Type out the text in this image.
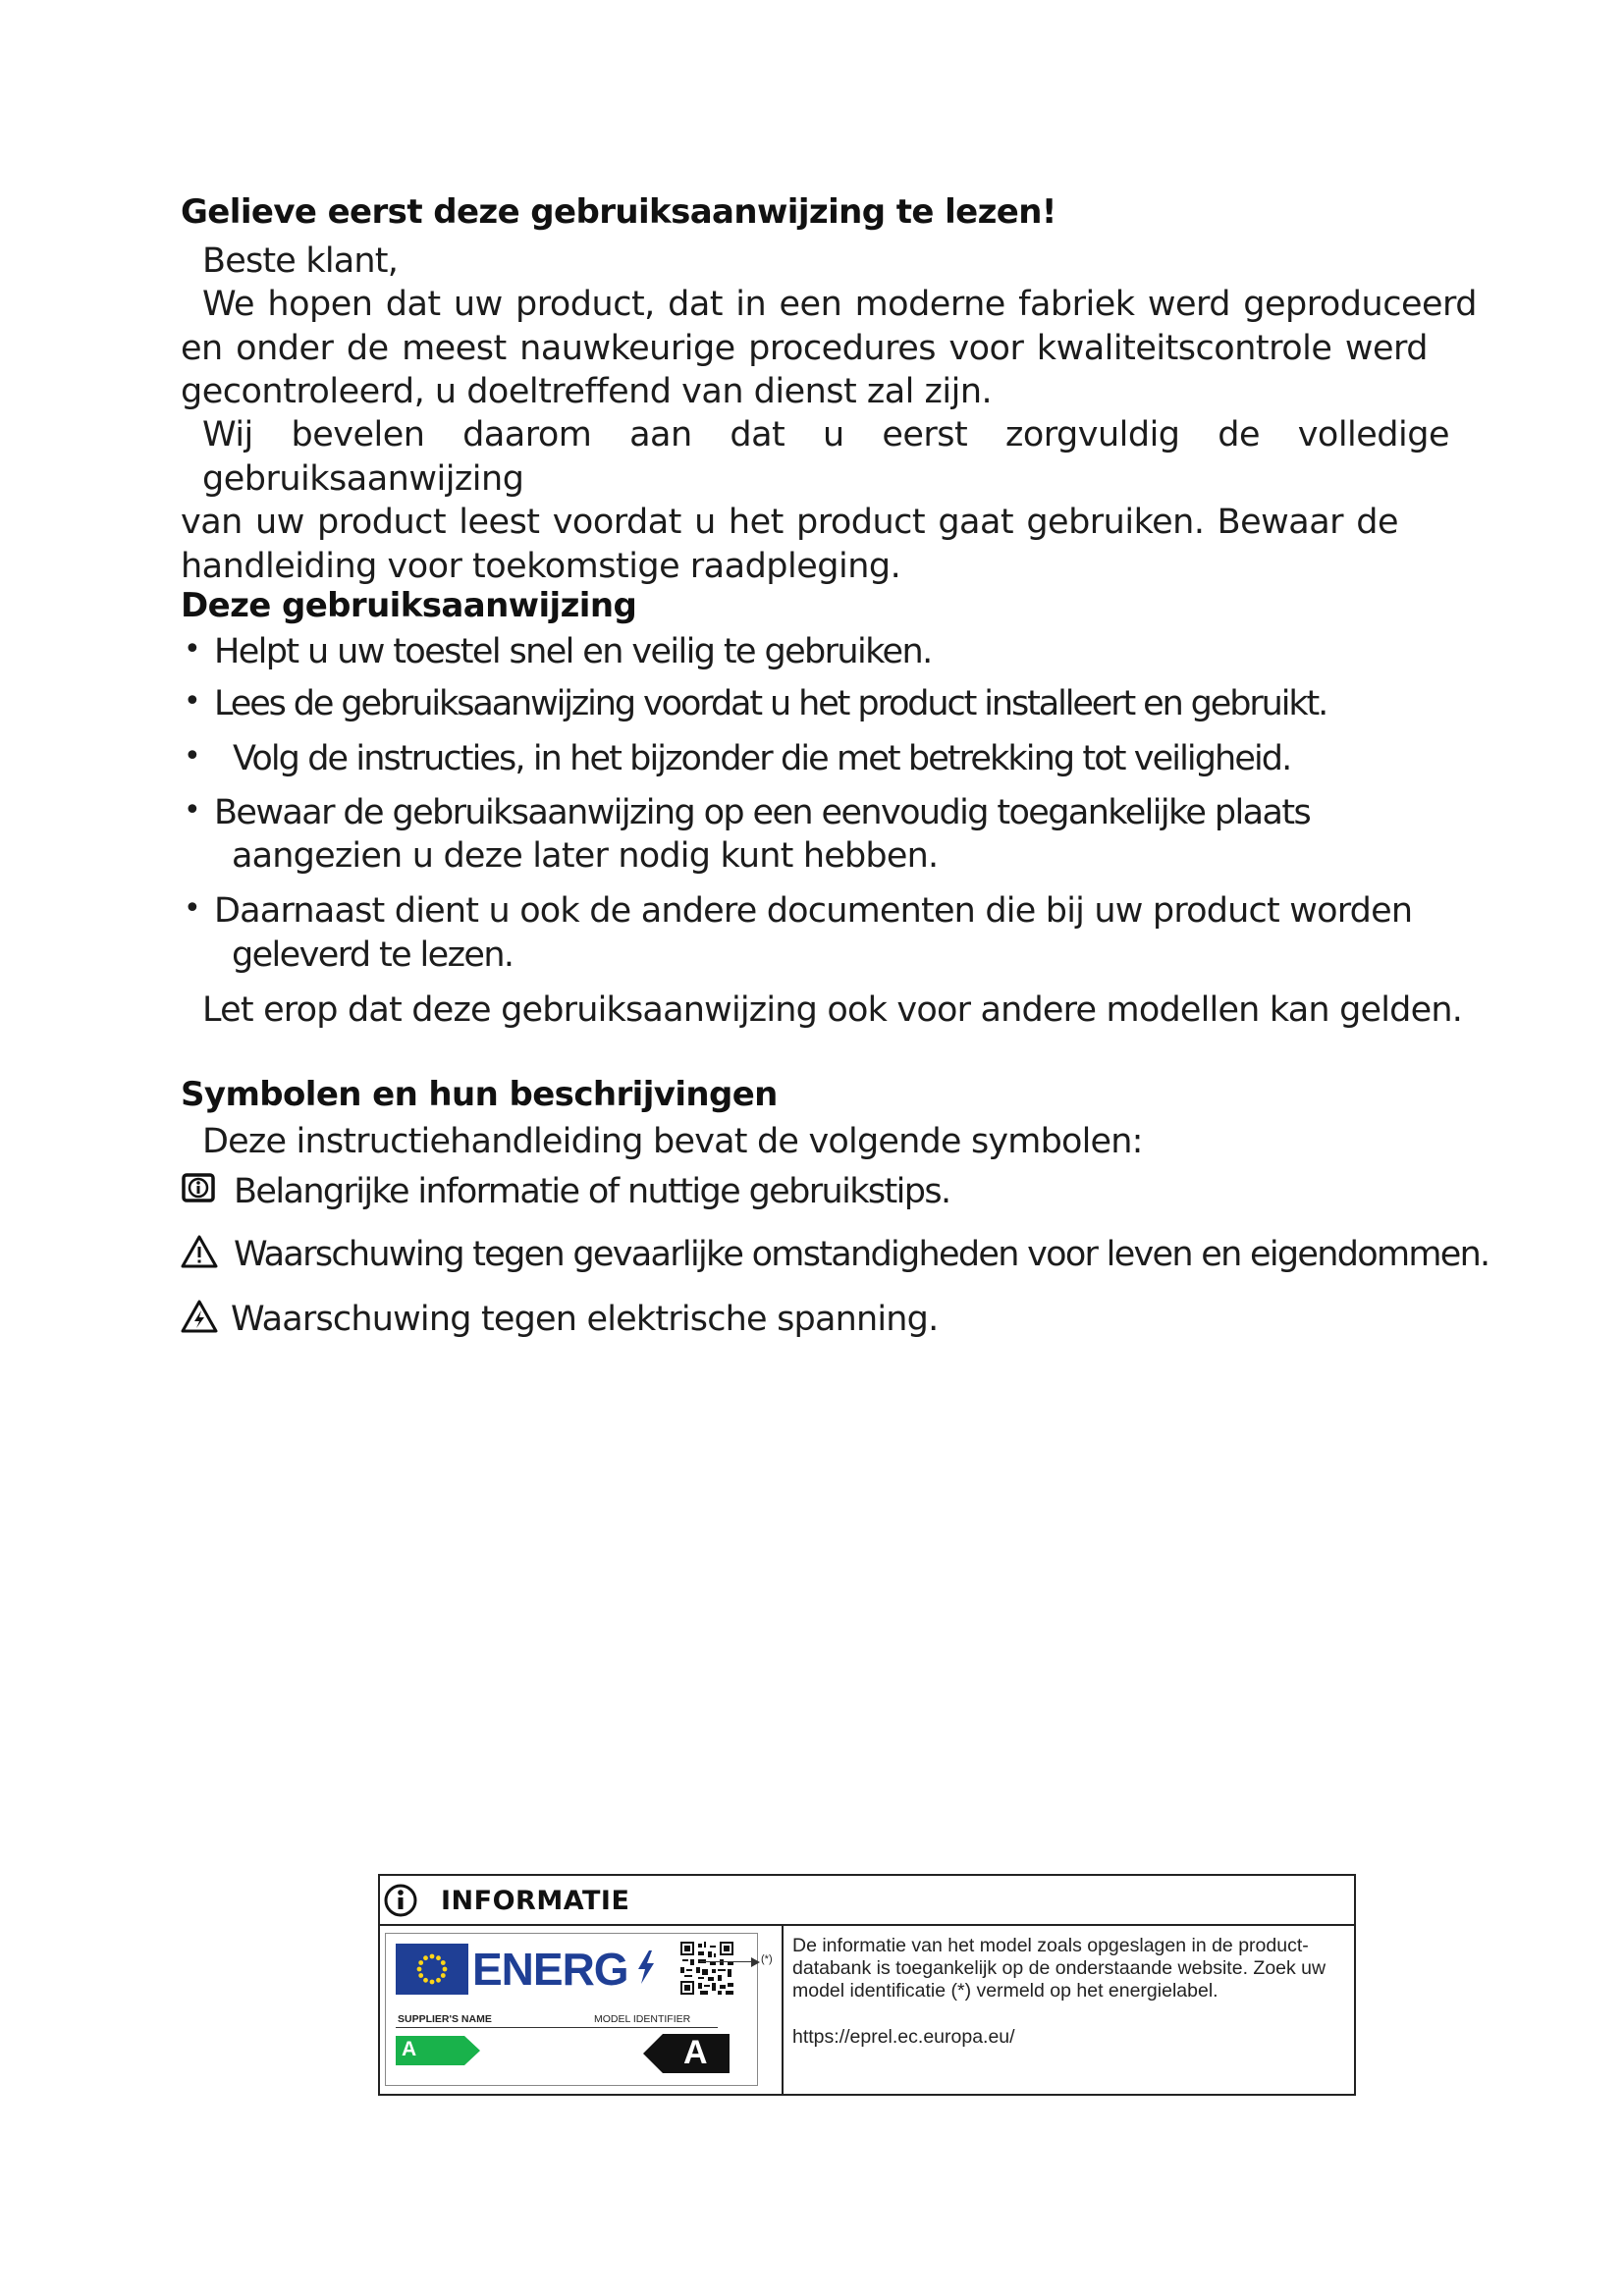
Gelieve eerst deze gebruiksaanwijzing te lezen!
Beste klant,
We hopen dat uw product, dat in een moderne fabriek werd geproduceerd
en onder de meest nauwkeurige procedures voor kwaliteitscontrole werd
gecontroleerd, u doeltreffend van dienst zal zijn.
Wij bevelen daarom aan dat u eerst zorgvuldig de volledige gebruiksaanwijzing
van uw product leest voordat u het product gaat gebruiken. Bewaar de
handleiding voor toekomstige raadpleging.
Deze gebruiksaanwijzing
• Helpt u uw toestel snel en veilig te gebruiken.
• Lees de gebruiksaanwijzing voordat u het product installeert en gebruikt.
• Volg de instructies, in het bijzonder die met betrekking tot veiligheid.
• Bewaar de gebruiksaanwijzing op een eenvoudig toegankelijke plaats
aangezien u deze later nodig kunt hebben.
• Daarnaast dient u ook de andere documenten die bij uw product worden
geleverd te lezen.
Let erop dat deze gebruiksaanwijzing ook voor andere modellen kan gelden.
Symbolen en hun beschrijvingen
Deze instructiehandleiding bevat de volgende symbolen:
Belangrijke informatie of nuttige gebruikstips.
Waarschuwing tegen gevaarlijke omstandigheden voor leven en eigendommen.
Waarschuwing tegen elektrische spanning.
INFORMATIE
ENERG
SUPPLIER'S NAME	MODEL IDENTIFIER
A	A
(*)
De informatie van het model zoals opgeslagen in de product-databank is toegankelijk op de onderstaande website. Zoek uw model identificatie (*) vermeld op het energielabel.
https://eprel.ec.europa.eu/
